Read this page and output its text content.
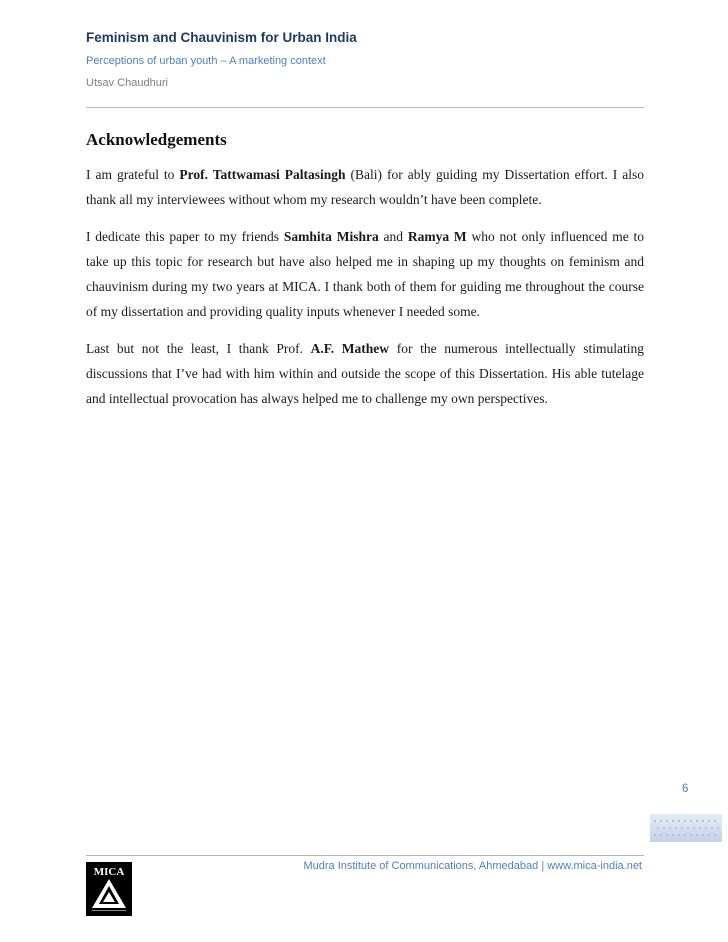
Feminism and Chauvinism for Urban India
Perceptions of urban youth – A marketing context
Utsav Chaudhuri
Acknowledgements

I am grateful to Prof. Tattwamasi Paltasingh (Bali) for ably guiding my Dissertation effort. I also thank all my interviewees without whom my research wouldn’t have been complete.

I dedicate this paper to my friends Samhita Mishra and Ramya M who not only influenced me to take up this topic for research but have also helped me in shaping up my thoughts on feminism and chauvinism during my two years at MICA. I thank both of them for guiding me throughout the course of my dissertation and providing quality inputs whenever I needed some.

Last but not the least, I thank Prof. A.F. Mathew for the numerous intellectually stimulating discussions that I’ve had with him within and outside the scope of this Dissertation. His able tutelage and intellectual provocation has always helped me to challenge my own perspectives.

6
Mudra Institute of Communications, Ahmedabad | www.mica-india.net
MICA
